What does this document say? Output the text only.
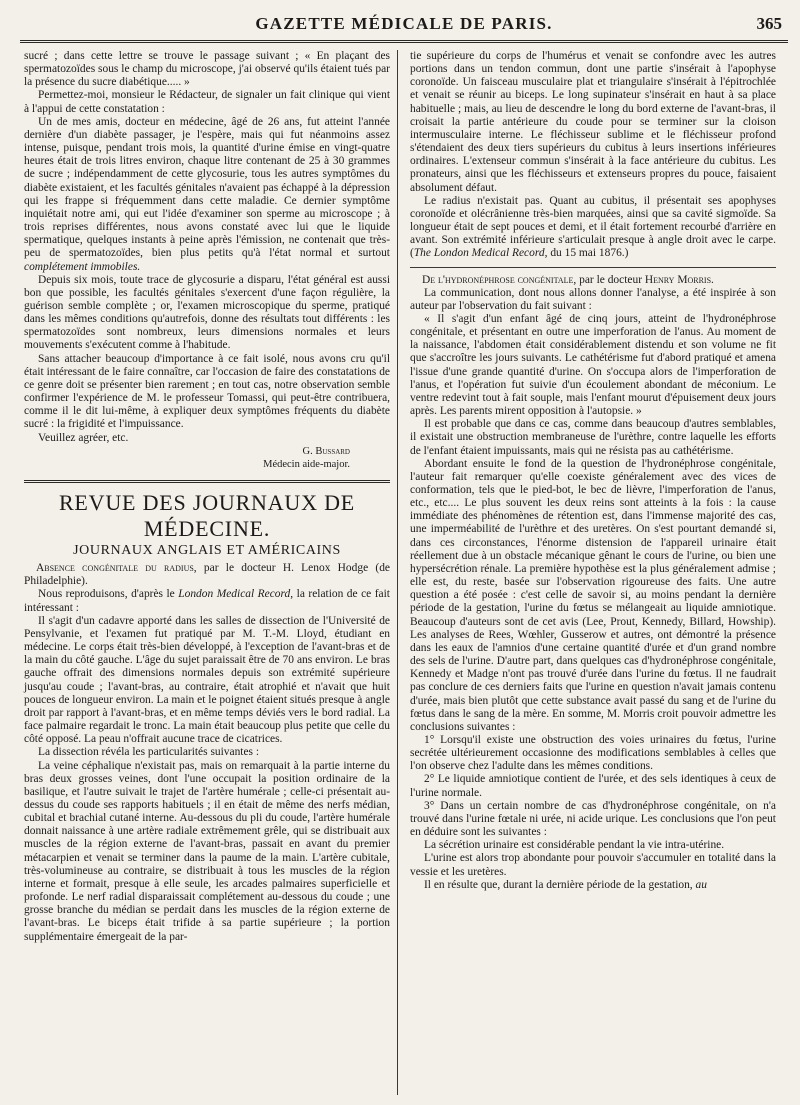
GAZETTE MÉDICALE DE PARIS.	365

sucré ; dans cette lettre se trouve le passage suivant ; « En plaçant des spermatozoïdes sous le champ du microscope, j'ai observé qu'ils étaient tués par la présence du sucre diabétique..... »

Permettez-moi, monsieur le Rédacteur, de signaler un fait clinique qui vient à l'appui de cette constatation :

Un de mes amis, docteur en médecine, âgé de 26 ans, fut atteint l'année dernière d'un diabète passager, je l'espère, mais qui fut néanmoins assez intense, puisque, pendant trois mois, la quantité d'urine émise en vingt-quatre heures était de trois litres environ, chaque litre contenant de 25 à 30 grammes de sucre ; indépendamment de cette glycosurie, tous les autres symptômes du diabète existaient, et les facultés génitales n'avaient pas échappé à la dépression qui les frappe si fréquemment dans cette maladie. Ce dernier symptôme inquiétait notre ami, qui eut l'idée d'examiner son sperme au microscope ; à trois reprises différentes, nous avons constaté avec lui que le liquide spermatique, quelques instants à peine après l'émission, ne contenait que très-peu de spermatozoïdes, bien plus petits qu'à l'état normal et surtout complétement immobiles.

Depuis six mois, toute trace de glycosurie a disparu, l'état général est aussi bon que possible, les facultés génitales s'exercent d'une façon régulière, la guérison semble complète ; or, l'examen microscopique du sperme, pratiqué dans les mêmes conditions qu'autrefois, donne des résultats tout différents : les spermatozoïdes sont nombreux, leurs dimensions normales et leurs mouvements s'exécutent comme à l'habitude.

Sans attacher beaucoup d'importance à ce fait isolé, nous avons cru qu'il était intéressant de le faire connaître, car l'occasion de faire des constatations de ce genre doit se présenter bien rarement ; en tout cas, notre observation semble confirmer l'expérience de M. le professeur Tomassi, qui peut-être contribuera, comme il le dit lui-même, à expliquer deux symptômes fréquents du diabète sucré : la frigidité et l'impuissance.

Veuillez agréer, etc.

G. Bussard

Médecin aide-major.

REVUE DES JOURNAUX DE MÉDECINE.
JOURNAUX ANGLAIS ET AMÉRICAINS

Absence congénitale du radius, par le docteur H. Lenox Hodge (de Philadelphie).

Nous reproduisons, d'après le London Medical Record, la relation de ce fait intéressant :

Il s'agit d'un cadavre apporté dans les salles de dissection de l'Université de Pensylvanie, et l'examen fut pratiqué par M. T.-M. Lloyd, étudiant en médecine. Le corps était très-bien développé, à l'exception de l'avant-bras et de la main du côté gauche. L'âge du sujet paraissait être de 70 ans environ. Le bras gauche offrait des dimensions normales depuis son extrémité supérieure jusqu'au coude ; l'avant-bras, au contraire, était atrophié et n'avait que huit pouces de longueur environ. La main et le poignet étaient situés presque à angle droit par rapport à l'avant-bras, et en même temps déviés vers le bord radial. La face palmaire regardait le tronc. La main était beaucoup plus petite que celle du côté opposé. La peau n'offrait aucune trace de cicatrices.

La dissection révéla les particularités suivantes :

La veine céphalique n'existait pas, mais on remarquait à la partie interne du bras deux grosses veines, dont l'une occupait la position ordinaire de la basilique, et l'autre suivait le trajet de l'artère humérale ; celle-ci présentait au-dessus du coude ses rapports habituels ; il en était de même des nerfs médian, cubital et brachial cutané interne. Au-dessous du pli du coude, l'artère humérale donnait naissance à une artère radiale extrêmement grêle, qui se distribuait aux muscles de la région externe de l'avant-bras, passait en avant du premier métacarpien et venait se terminer dans la paume de la main. L'artère cubitale, très-volumineuse au contraire, se distribuait à tous les muscles de la région interne et formait, presque à elle seule, les arcades palmaires superficielle et profonde. Le nerf radial disparaissait complétement au-dessous du coude ; une grosse branche du médian se perdait dans les muscles de la région externe de l'avant-bras. Le biceps était trifide à sa partie supérieure ; la portion supplémentaire émergeait de la par-

tie supérieure du corps de l'humérus et venait se confondre avec les autres portions dans un tendon commun, dont une partie s'insérait à l'apophyse coronoïde. Un faisceau musculaire plat et triangulaire s'insérait à l'épitrochlée et venait se réunir au biceps. Le long supinateur s'insérait en haut à sa place habituelle ; mais, au lieu de descendre le long du bord externe de l'avant-bras, il croisait la partie antérieure du coude pour se terminer sur la cloison intermusculaire interne. Le fléchisseur sublime et le fléchisseur profond s'étendaient des deux tiers supérieurs du cubitus à leurs insertions inférieures ordinaires. L'extenseur commun s'insérait à la face antérieure du cubitus. Les pronateurs, ainsi que les fléchisseurs et extenseurs propres du pouce, faisaient absolument défaut.

Le radius n'existait pas. Quant au cubitus, il présentait ses apophyses coronoïde et olécrânienne très-bien marquées, ainsi que sa cavité sigmoïde. Sa longueur était de sept pouces et demi, et il était fortement recourbé d'arrière en avant. Son extrémité inférieure s'articulait presque à angle droit avec le carpe. (The London Medical Record, du 15 mai 1876.)

De l'hydronéphrose congénitale, par le docteur Henry Morris.

La communication, dont nous allons donner l'analyse, a été inspirée à son auteur par l'observation du fait suivant :

« Il s'agit d'un enfant âgé de cinq jours, atteint de l'hydronéphrose congénitale, et présentant en outre une imperforation de l'anus. Au moment de la naissance, l'abdomen était considérablement distendu et son volume ne fit que s'accroître les jours suivants. Le cathétérisme fut d'abord pratiqué et amena l'issue d'une grande quantité d'urine. On s'occupa alors de l'imperforation de l'anus, et l'opération fut suivie d'un écoulement abondant de méconium. Le ventre redevint tout à fait souple, mais l'enfant mourut d'épuisement deux jours après. Les parents mirent opposition à l'autopsie. »

Il est probable que dans ce cas, comme dans beaucoup d'autres semblables, il existait une obstruction membraneuse de l'urèthre, contre laquelle les efforts de l'enfant étaient impuissants, mais qui ne résista pas au cathétérisme.

Abordant ensuite le fond de la question de l'hydronéphrose congénitale, l'auteur fait remarquer qu'elle coexiste généralement avec des vices de conformation, tels que le pied-bot, le bec de lièvre, l'imperforation de l'anus, etc., etc.... Le plus souvent les deux reins sont atteints à la fois : la cause immédiate des phénomènes de rétention est, dans l'immense majorité des cas, une imperméabilité de l'urèthre et des uretères. On s'est pourtant demandé si, dans ces circonstances, l'énorme distension de l'appareil urinaire était réellement due à un obstacle mécanique gênant le cours de l'urine, ou bien une hypersécrétion rénale. La première hypothèse est la plus généralement admise ; elle est, du reste, basée sur l'observation rigoureuse des faits. Une autre question a été posée : c'est celle de savoir si, au moins pendant la dernière période de la gestation, l'urine du fœtus se mélangeait au liquide amniotique. Beaucoup d'auteurs sont de cet avis (Lee, Prout, Kennedy, Billard, Howship). Les analyses de Rees, Wœhler, Gusserow et autres, ont démontré la présence dans les eaux de l'amnios d'une certaine quantité d'urée et d'un grand nombre des sels de l'urine. D'autre part, dans quelques cas d'hydronéphrose congénitale, Kennedy et Madge n'ont pas trouvé d'urée dans l'urine du fœtus. Il ne faudrait pas conclure de ces derniers faits que l'urine en question n'avait jamais contenu d'urée, mais bien plutôt que cette substance avait passé du sang et de l'urine du fœtus dans le sang de la mère. En somme, M. Morris croit pouvoir admettre les conclusions suivantes :

1° Lorsqu'il existe une obstruction des voies urinaires du fœtus, l'urine secrétée ultérieurement occasionne des modifications semblables à celles que l'on observe chez l'adulte dans les mêmes conditions.

2° Le liquide amniotique contient de l'urée, et des sels identiques à ceux de l'urine normale.

3° Dans un certain nombre de cas d'hydronéphrose congénitale, on n'a trouvé dans l'urine fœtale ni urée, ni acide urique. Les conclusions que l'on peut en déduire sont les suivantes :

La sécrétion urinaire est considérable pendant la vie intra-utérine.

L'urine est alors trop abondante pour pouvoir s'accumuler en totalité dans la vessie et les uretères.

Il en résulte que, durant la dernière période de la gestation, au
